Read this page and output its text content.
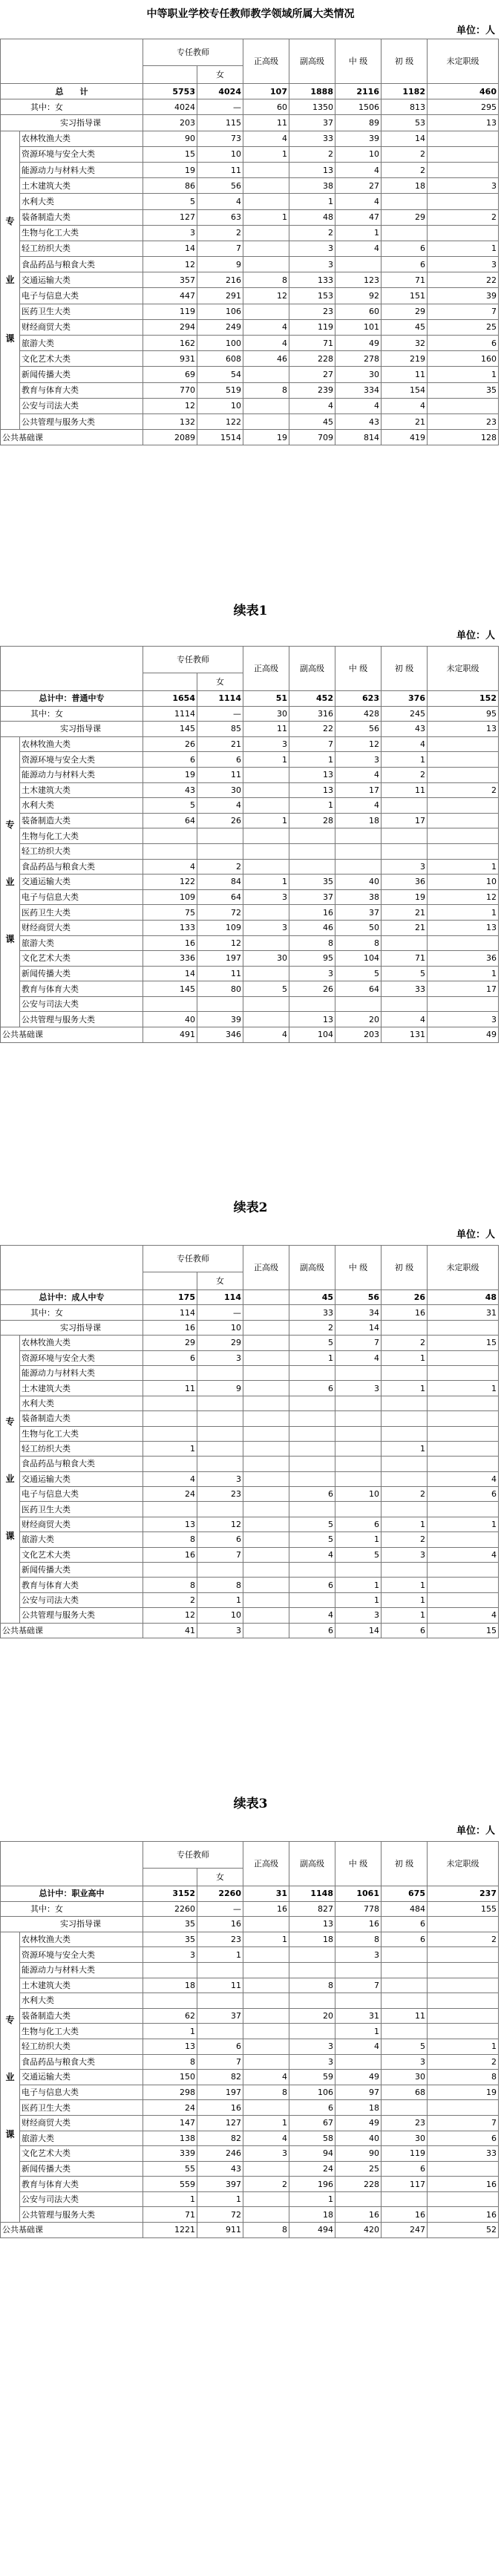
中等职业学校专任教师教学领域所属大类情况
单位：人
		专任教师		正高级	副高级	中 级	初 级	未定职级
			女					
总　　计		5753	4024	107	1888	2116	1182	460
其中：女		4024	—	60	1350	1506	813	295
实习指导课		203	115	11	37	89	53	13

专
业
课	农林牧渔大类	90	73	4	33	39	14	
	资源环境与安全大类	15	10	1	2	10	2	
	能源动力与材料大类	19	11		13	4	2	
	土木建筑大类	86	56		38	27	18	3
	水利大类	5	4		1	4		
	装备制造大类	127	63	1	48	47	29	2
	生物与化工大类	3	2		2	1		
	轻工纺织大类	14	7		3	4	6	1
	食品药品与粮食大类	12	9		3		6	3
	交通运输大类	357	216	8	133	123	71	22
	电子与信息大类	447	291	12	153	92	151	39
	医药卫生大类	119	106		23	60	29	7
	财经商贸大类	294	249	4	119	101	45	25
	旅游大类	162	100	4	71	49	32	6
	文化艺术大类	931	608	46	228	278	219	160
	新闻传播大类	69	54		27	30	11	1
	教育与体育大类	770	519	8	239	334	154	35
	公安与司法大类	12	10		4	4	4	
	公共管理与服务大类	132	122		45	43	21	23
公共基础课		2089	1514	19	709	814	419	128
续表1
单位：人
		专任教师		正高级	副高级	中 级	初 级	未定职级
			女					
总计中：普通中专		1654	1114	51	452	623	376	152
其中：女		1114	—	30	316	428	245	95
实习指导课		145	85	11	22	56	43	13

专
业
课	农林牧渔大类	26	21	3	7	12	4	
	资源环境与安全大类	6	6	1	1	3	1	
	能源动力与材料大类	19	11		13	4	2	
	土木建筑大类	43	30		13	17	11	2
	水利大类	5	4		1	4		
	装备制造大类	64	26	1	28	18	17	
	生物与化工大类							
	轻工纺织大类							
	食品药品与粮食大类	4	2				3	1
	交通运输大类	122	84	1	35	40	36	10
	电子与信息大类	109	64	3	37	38	19	12
	医药卫生大类	75	72		16	37	21	1
	财经商贸大类	133	109	3	46	50	21	13
	旅游大类	16	12		8	8		
	文化艺术大类	336	197	30	95	104	71	36
	新闻传播大类	14	11		3	5	5	1
	教育与体育大类	145	80	5	26	64	33	17
	公安与司法大类							
	公共管理与服务大类	40	39		13	20	4	3
公共基础课		491	346	4	104	203	131	49
续表2
单位：人
		专任教师		正高级	副高级	中 级	初 级	未定职级
			女					
总计中：成人中专		175	114		45	56	26	48
其中：女		114	—		33	34	16	31
实习指导课		16	10		2	14		

专
业
课	农林牧渔大类	29	29		5	7	2	15
	资源环境与安全大类	6	3		1	4	1	
	能源动力与材料大类							
	土木建筑大类	11	9		6	3	1	1
	水利大类							
	装备制造大类							
	生物与化工大类							
	轻工纺织大类	1					1	
	食品药品与粮食大类							
	交通运输大类	4	3					4
	电子与信息大类	24	23		6	10	2	6
	医药卫生大类							
	财经商贸大类	13	12		5	6	1	1
	旅游大类	8	6		5	1	2	
	文化艺术大类	16	7		4	5	3	4
	新闻传播大类							
	教育与体育大类	8	8		6	1	1	
	公安与司法大类	2	1			1	1	
	公共管理与服务大类	12	10		4	3	1	4
公共基础课		41	3		6	14	6	15
续表3
单位：人
		专任教师		正高级	副高级	中 级	初 级	未定职级
			女					
总计中：职业高中		3152	2260	31	1148	1061	675	237
其中：女		2260	—	16	827	778	484	155
实习指导课		35	16		13	16	6	

专
业
课	农林牧渔大类	35	23	1	18	8	6	2
	资源环境与安全大类	3	1			3		
	能源动力与材料大类							
	土木建筑大类	18	11		8	7		
	水利大类							
	装备制造大类	62	37		20	31	11	
	生物与化工大类	1				1		
	轻工纺织大类	13	6		3	4	5	1
	食品药品与粮食大类	8	7		3		3	2
	交通运输大类	150	82	4	59	49	30	8
	电子与信息大类	298	197	8	106	97	68	19
	医药卫生大类	24	16		6	18		
	财经商贸大类	147	127	1	67	49	23	7
	旅游大类	138	82	4	58	40	30	6
	文化艺术大类	339	246	3	94	90	119	33
	新闻传播大类	55	43		24	25	6	
	教育与体育大类	559	397	2	196	228	117	16
	公安与司法大类	1	1		1			
	公共管理与服务大类	71	72		18	16	16	16
公共基础课		1221	911	8	494	420	247	52
